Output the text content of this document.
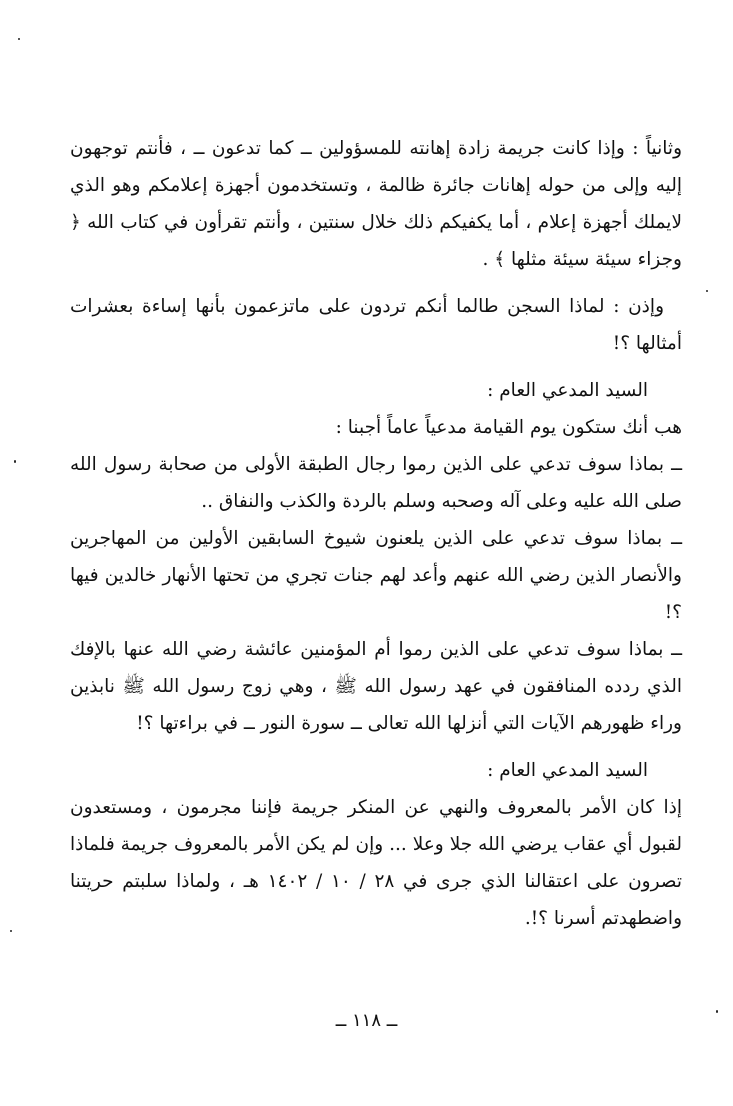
وثانياً : وإذا كانت جريمة زادة إهانته للمسؤولين ــ كما تدعون ــ ، فأنتم توجهون إليه وإلى من حوله إهانات جائرة ظالمة ، وتستخدمون أجهزة إعلامكم وهو الذي لايملك أجهزة إعلام ، أما يكفيكم ذلك خلال سنتين ، وأنتم تقرأون في كتاب الله ﴿ وجزاء سيئة سيئة مثلها ﴾ .

وإذن : لماذا السجن طالما أنكم تردون على ماتزعمون بأنها إساءة بعشرات أمثالها ؟!

السيد المدعي العام :

هب أنك ستكون يوم القيامة مدعياً عاماً أجبنا :

ــ بماذا سوف تدعي على الذين رموا رجال الطبقة الأولى من صحابة رسول الله صلى الله عليه وعلى آله وصحبه وسلم بالردة والكذب والنفاق ..

ــ بماذا سوف تدعي على الذين يلعنون شيوخ السابقين الأولين من المهاجرين والأنصار الذين رضي الله عنهم وأعد لهم جنات تجري من تحتها الأنهار خالدين فيها ؟!

ــ بماذا سوف تدعي على الذين رموا أم المؤمنين عائشة رضي الله عنها بالإفك الذي ردده المنافقون في عهد رسول الله ﷺ ، وهي زوج رسول الله ﷺ نابذين وراء ظهورهم الآيات التي أنزلها الله تعالى ــ سورة النور ــ في براءتها ؟!

السيد المدعي العام :

إذا كان الأمر بالمعروف والنهي عن المنكر جريمة فإننا مجرمون ، ومستعدون لقبول أي عقاب يرضي الله جلا وعلا ... وإن لم يكن الأمر بالمعروف جريمة فلماذا تصرون على اعتقالنا الذي جرى في ٢٨ / ١٠ / ١٤٠٢ هـ ، ولماذا سلبتم حريتنا واضطهدتم أسرنا ؟!.

ــ ١١٨ ــ
